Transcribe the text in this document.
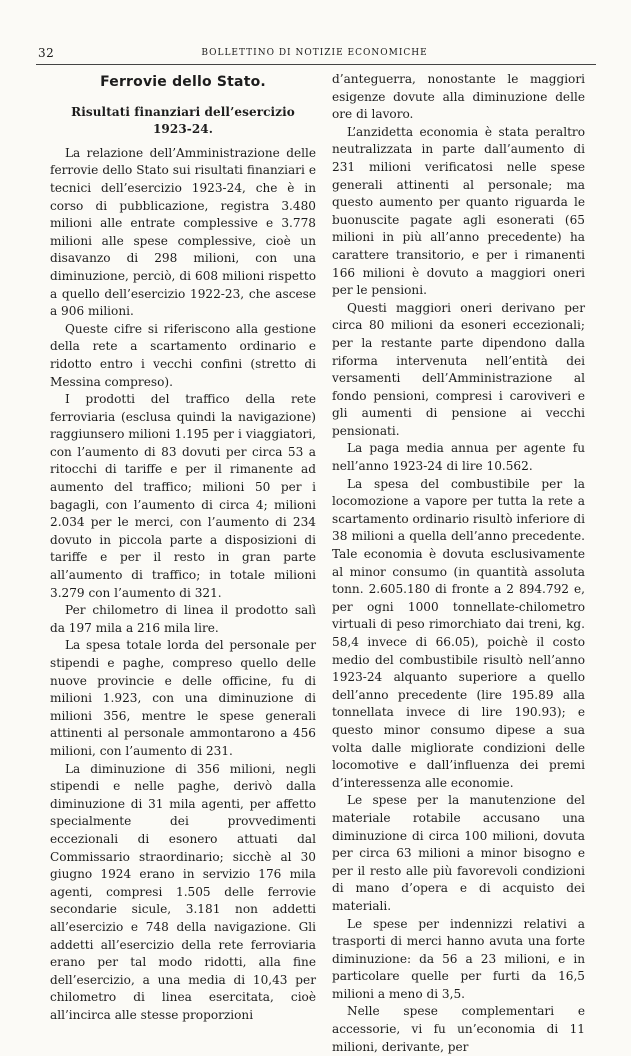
32	BOLLETTINO DI NOTIZIE ECONOMICHE
Ferrovie dello Stato.
Risultati finanziari dell’esercizio 1923-24.

La relazione dell’Amministrazione delle ferrovie dello Stato sui risultati finanziari e tecnici dell’esercizio 1923-24, che è in corso di pubblicazione, registra 3.480 milioni alle entrate complessive e 3.778 milioni alle spese complessive, cioè un disavanzo di 298 milioni, con una diminuzione, perciò, di 608 milioni rispetto a quello dell’esercizio 1922-23, che ascese a 906 milioni.

Queste cifre si riferiscono alla gestione della rete a scartamento ordinario e ridotto entro i vecchi confini (stretto di Messina compreso).

I prodotti del traffico della rete ferroviaria (esclusa quindi la navigazione) raggiunsero milioni 1.195 per i viaggiatori, con l’aumento di 83 dovuti per circa 53 a ritocchi di tariffe e per il rimanente ad aumento del traffico; milioni 50 per i bagagli, con l’aumento di circa 4; milioni 2.034 per le merci, con l’aumento di 234 dovuto in piccola parte a disposizioni di tariffe e per il resto in gran parte all’aumento di traffico; in totale milioni 3.279 con l’aumento di 321.

Per chilometro di linea il prodotto salì da 197 mila a 216 mila lire.

La spesa totale lorda del personale per stipendi e paghe, compreso quello delle nuove provincie e delle officine, fu di milioni 1.923, con una diminuzione di milioni 356, mentre le spese generali attinenti al personale ammontarono a 456 milioni, con l’aumento di 231.

La diminuzione di 356 milioni, negli stipendi e nelle paghe, derivò dalla diminuzione di 31 mila agenti, per affetto specialmente dei provvedimenti eccezionali di esonero attuati dal Commissario straordinario; sicchè al 30 giugno 1924 erano in servizio 176 mila agenti, compresi 1.505 delle ferrovie secondarie sicule, 3.181 non addetti all’esercizio e 748 della navigazione. Gli addetti all’esercizio della rete ferroviaria erano per tal modo ridotti, alla fine dell’esercizio, a una media di 10,43 per chilometro di linea esercitata, cioè all’incirca alle stesse proporzioni

d’anteguerra, nonostante le maggiori esigenze dovute alla diminuzione delle ore di lavoro.

L’anzidetta economia è stata peraltro neutralizzata in parte dall’aumento di 231 milioni verificatosi nelle spese generali attinenti al personale; ma questo aumento per quanto riguarda le buonuscite pagate agli esonerati (65 milioni in più all’anno precedente) ha carattere transitorio, e per i rimanenti 166 milioni è dovuto a maggiori oneri per le pensioni.

Questi maggiori oneri derivano per circa 80 milioni da esoneri eccezionali; per la restante parte dipendono dalla riforma intervenuta nell’entità dei versamenti dell’Amministrazione al fondo pensioni, compresi i caroviveri e gli aumenti di pensione ai vecchi pensionati.

La paga media annua per agente fu nell’anno 1923-24 di lire 10.562.

La spesa del combustibile per la locomozione a vapore per tutta la rete a scartamento ordinario risultò inferiore di 38 milioni a quella dell’anno precedente. Tale economia è dovuta esclusivamente al minor consumo (in quantità assoluta tonn. 2.605.180 di fronte a 2 894.792 e, per ogni 1000 tonnellate-chilometro virtuali di peso rimorchiato dai treni, kg. 58,4 invece di 66.05), poichè il costo medio del combustibile risultò nell’anno 1923-24 alquanto superiore a quello dell’anno precedente (lire 195.89 alla tonnellata invece di lire 190.93); e questo minor consumo dipese a sua volta dalle migliorate condizioni delle locomotive e dall’influenza dei premi d’interessenza alle economie.

Le spese per la manutenzione del materiale rotabile accusano una diminuzione di circa 100 milioni, dovuta per circa 63 milioni a minor bisogno e per il resto alle più favorevoli condizioni di mano d’opera e di acquisto dei materiali.

Le spese per indennizzi relativi a trasporti di merci hanno avuta una forte diminuzione: da 56 a 23 milioni, e in particolare quelle per furti da 16,5 milioni a meno di 3,5.

Nelle spese complementari e accessorie, vi fu un’economia di 11 milioni, derivante, per
